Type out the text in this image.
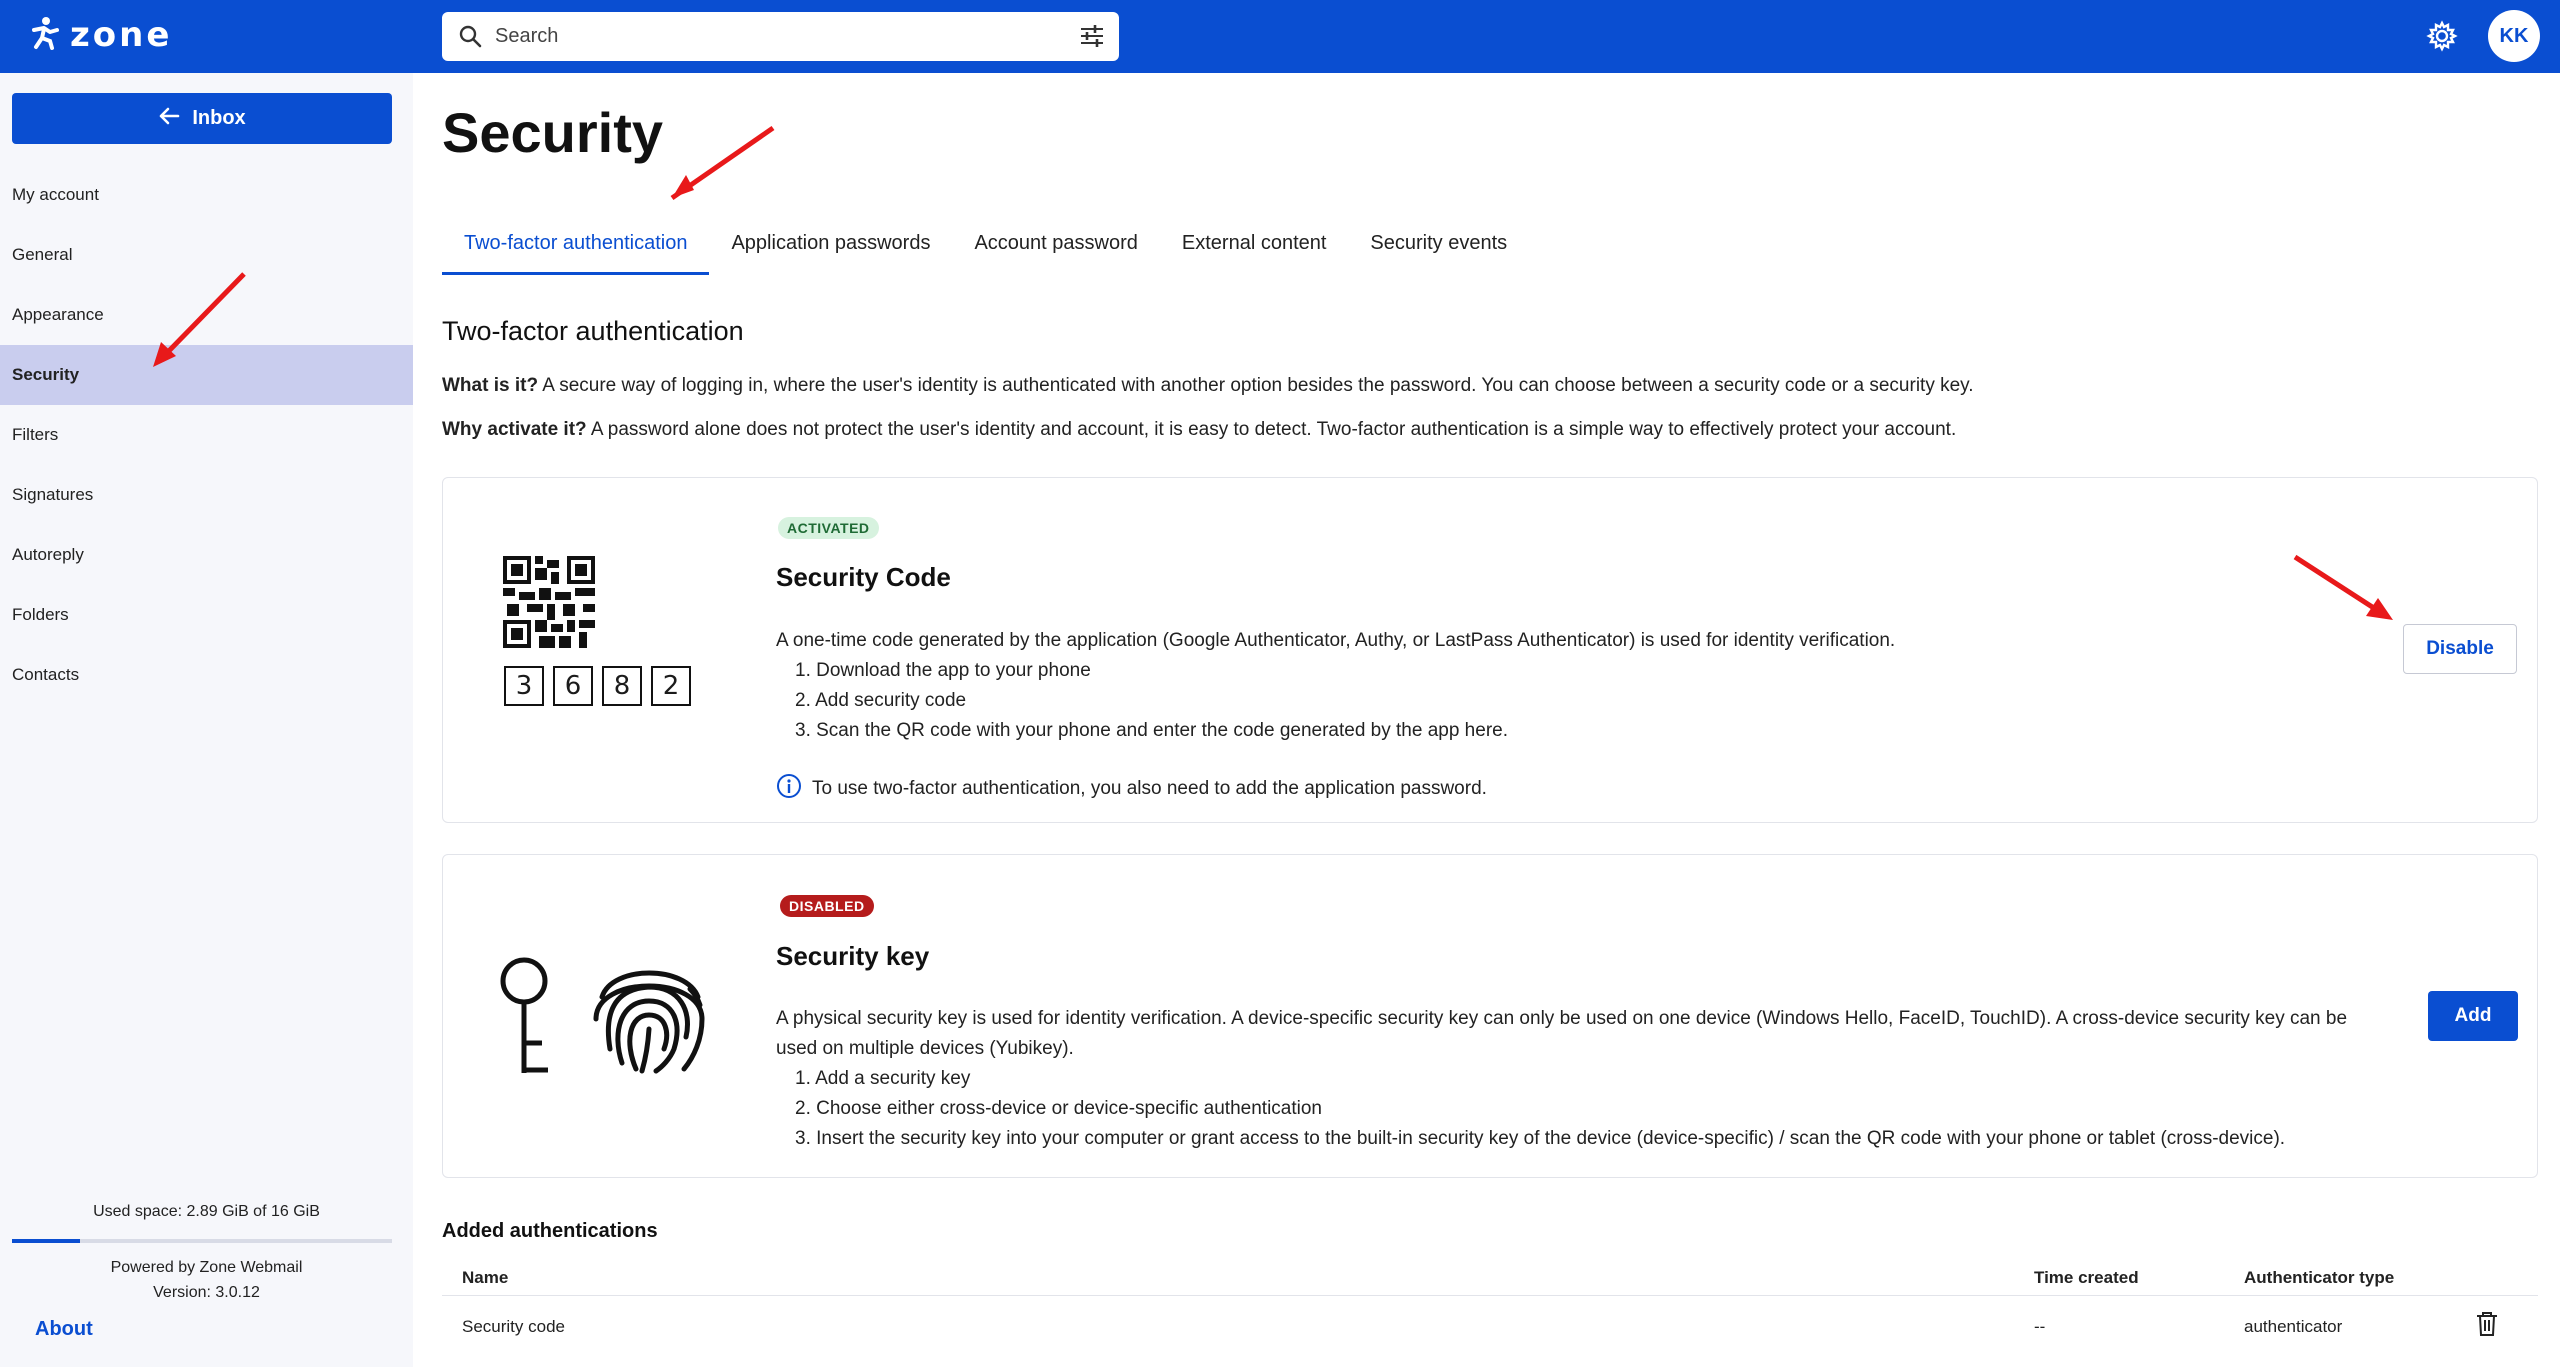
zone	Search	KK
Inbox
My account
General
Appearance
Security
Filters
Signatures
Autoreply
Folders
Contacts
Used space: 2.89 GiB of 16 GiB
Powered by Zone Webmail
Version: 3.0.12
About
Security
Two-factor authentication	Application passwords	Account password	External content	Security events
Two-factor authentication

What is it? A secure way of logging in, where the user's identity is authenticated with another option besides the password. You can choose between a security code or a security key.

Why activate it? A password alone does not protect the user's identity and account, it is easy to detect. Two-factor authentication is a simple way to effectively protect your account.

3	6	8	2
ACTIVATED
Security Code
A one-time code generated by the application (Google Authenticator, Authy, or LastPass Authenticator) is used for identity verification.
1. Download the app to your phone
2. Add security code
3. Scan the QR code with your phone and enter the code generated by the app here.
To use two-factor authentication, you also need to add the application password.
Disable
DISABLED
Security key
A physical security key is used for identity verification. A device-specific security key can only be used on one device (Windows Hello, FaceID, TouchID). A cross-device security key can be
used on multiple devices (Yubikey).
1. Add a security key
2. Choose either cross-device or device-specific authentication
3. Insert the security key into your computer or grant access to the built-in security key of the device (device-specific) / scan the QR code with your phone or tablet (cross-device).
Add
Added authentications
Name	Time created	Authenticator type
Security code	--	authenticator
